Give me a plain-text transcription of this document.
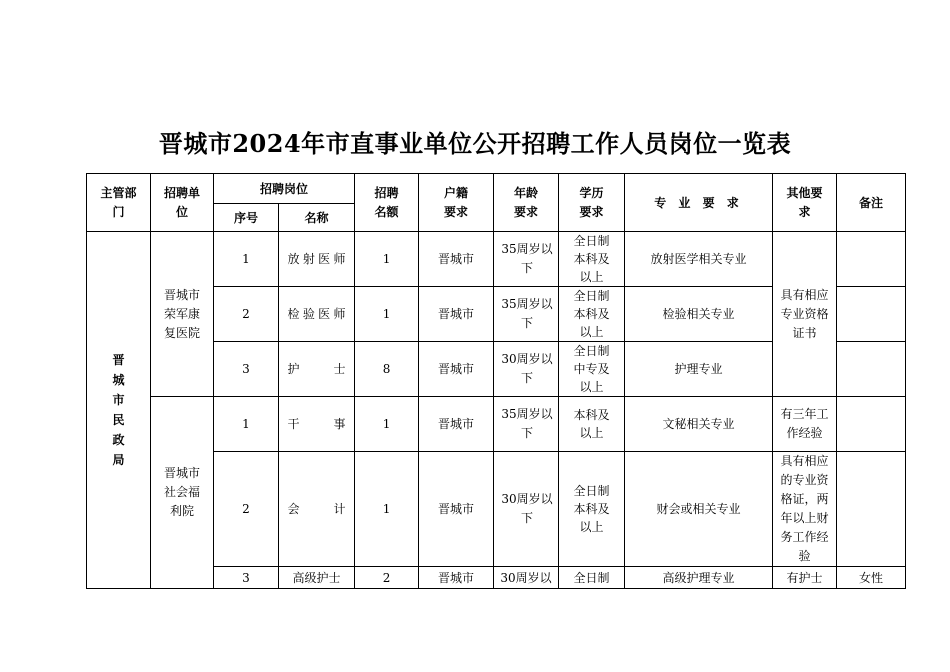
晋城市2024年市直事业单位公开招聘工作人员岗位一览表
主管部门	招聘单位	招聘岗位		招聘名额	户籍要求	年龄要求	学历要求	专 业 要 求	其他要求	备注
		序号	名称							
晋城市民政局	晋城市荣军康复医院	1	放射医师	1	晋城市	35周岁以下	全日制本科及以上	放射医学相关专业	具有相应专业资格证书	
		2	检验医师	1	晋城市	35周岁以下	全日制本科及以上	检验相关专业		
		3	护士	8	晋城市	30周岁以下	全日制中专及以上	护理专业		
	晋城市社会福利院	1	干事	1	晋城市	35周岁以下	本科及以上	文秘相关专业	有三年工作经验	
		2	会计	1	晋城市	30周岁以下	全日制本科及以上	财会或相关专业	具有相应的专业资格证，两年以上财务工作经验	
		3	高级护士	2	晋城市	30周岁以	全日制	高级护理专业	有护士	女性
